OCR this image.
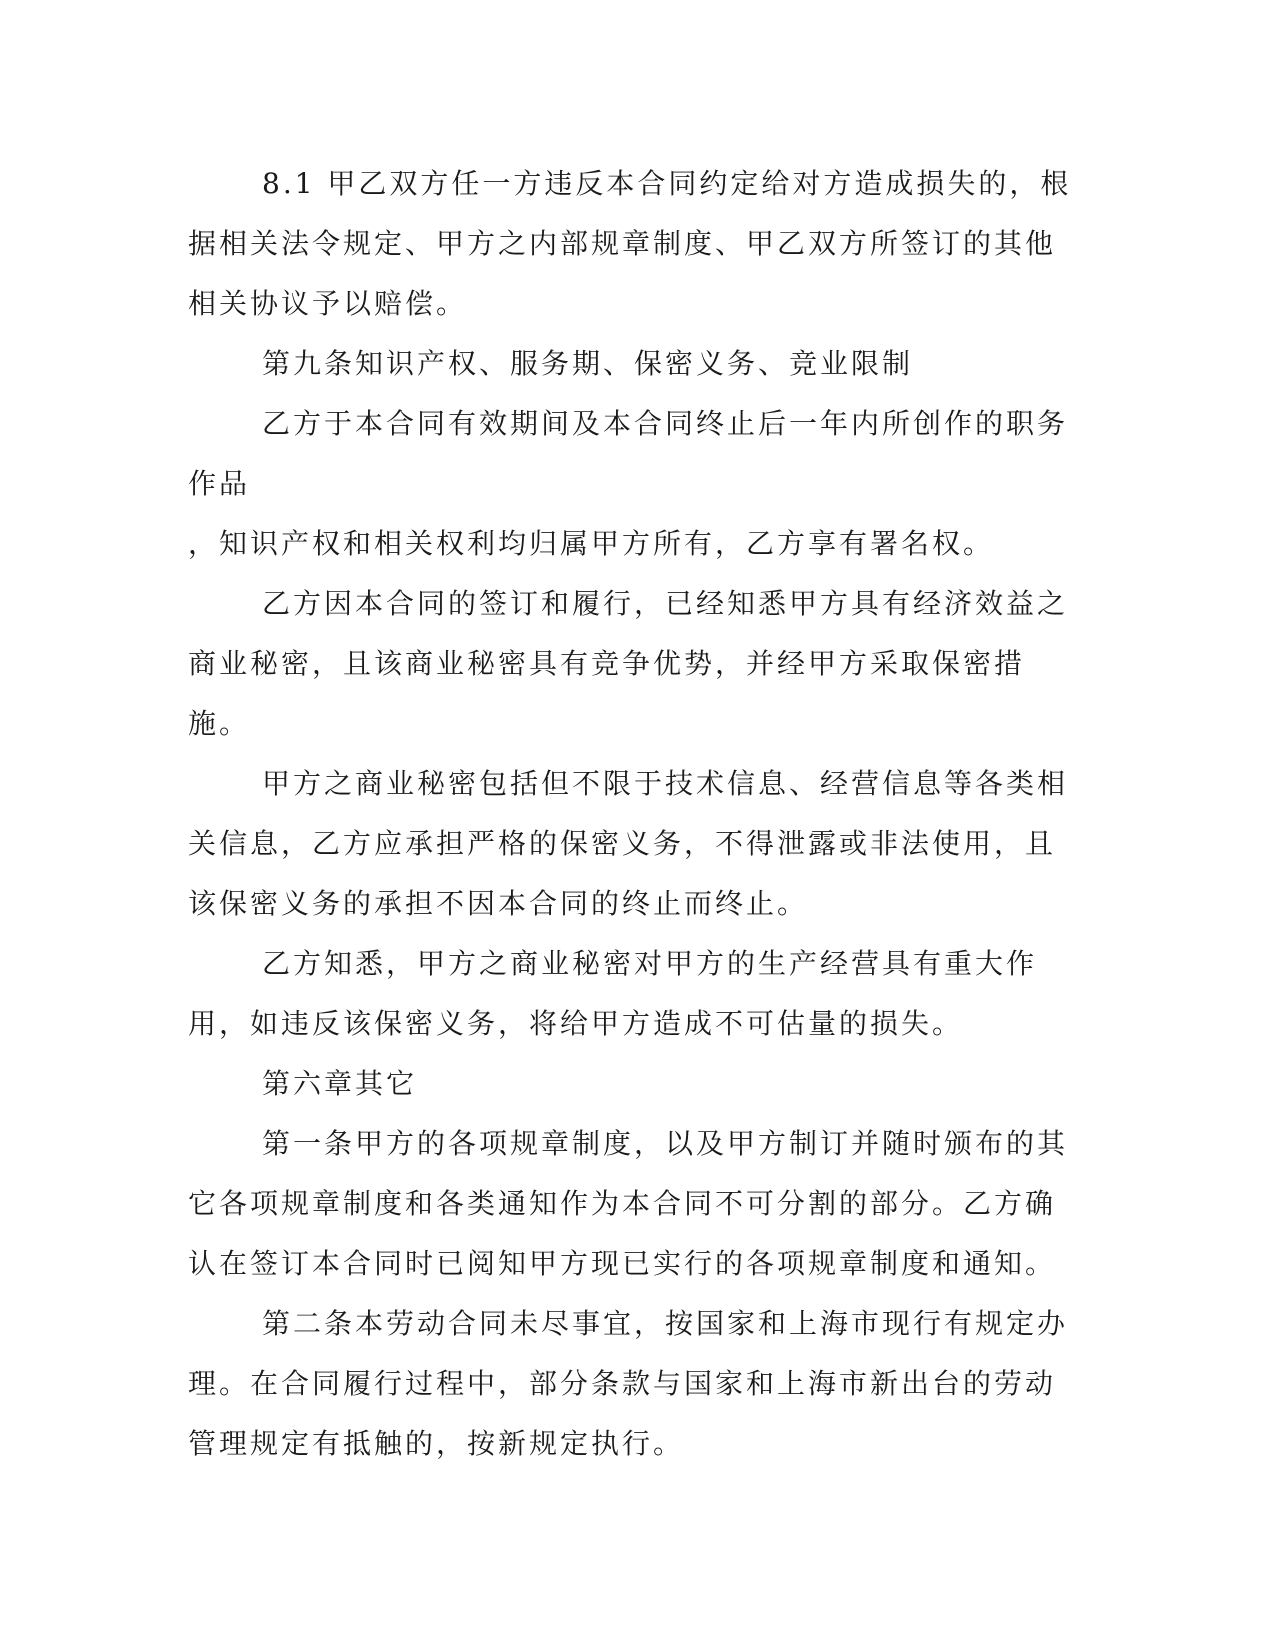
8.1 甲乙双方任一方违反本合同约定给对方造成损失的，根据相关法令规定、甲方之内部规章制度、甲乙双方所签订的其他相关协议予以赔偿。

第九条知识产权、服务期、保密义务、竞业限制

乙方于本合同有效期间及本合同终止后一年内所创作的职务作品
，知识产权和相关权利均归属甲方所有，乙方享有署名权。

乙方因本合同的签订和履行，已经知悉甲方具有经济效益之商业秘密，且该商业秘密具有竞争优势，并经甲方采取保密措施。

甲方之商业秘密包括但不限于技术信息、经营信息等各类相关信息，乙方应承担严格的保密义务，不得泄露或非法使用，且该保密义务的承担不因本合同的终止而终止。

乙方知悉，甲方之商业秘密对甲方的生产经营具有重大作用，如违反该保密义务，将给甲方造成不可估量的损失。

第六章其它

第一条甲方的各项规章制度，以及甲方制订并随时颁布的其它各项规章制度和各类通知作为本合同不可分割的部分。乙方确认在签订本合同时已阅知甲方现已实行的各项规章制度和通知。

第二条本劳动合同未尽事宜，按国家和上海市现行有规定办理。在合同履行过程中，部分条款与国家和上海市新出台的劳动管理规定有抵触的，按新规定执行。
